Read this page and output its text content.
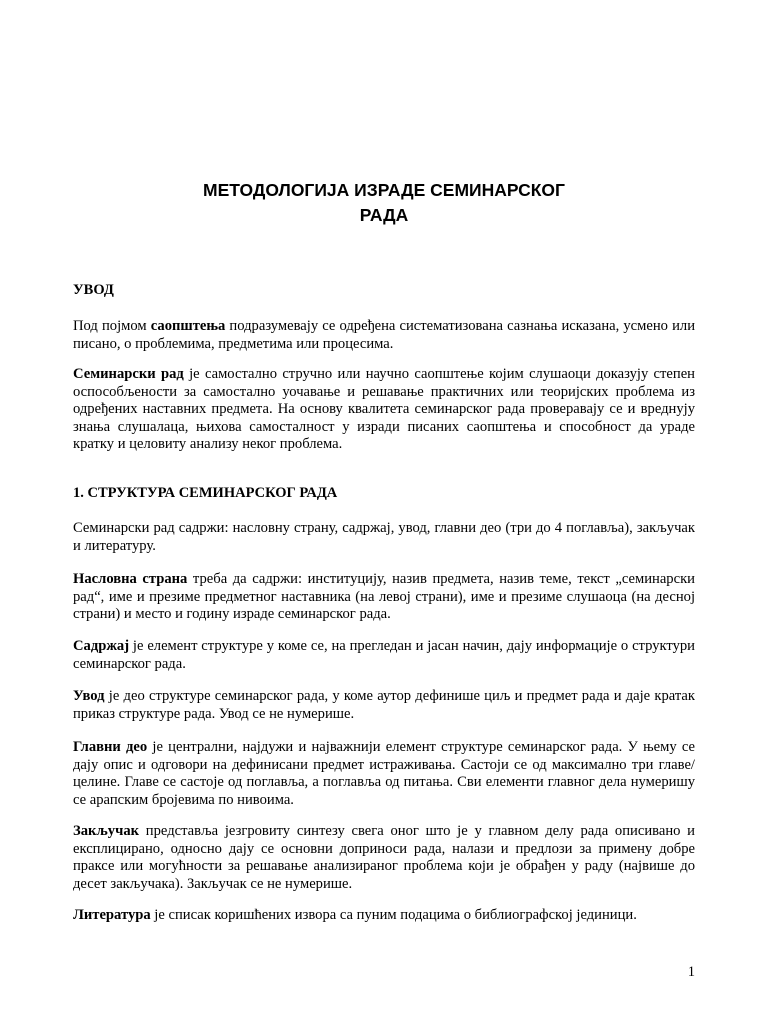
МЕТОДОЛОГИЈА ИЗРАДЕ СЕМИНАРСКОГ
РАДА
УВОД

Под појмом саопштења подразумевају се одређена систематизована сазнања исказана, усмено или писано, о проблемима, предметима или процесима.

Семинарски рад је самостално стручно или научно саопштење којим слушаоци доказују степен оспособљености за самостално уочавање и решавање практичних или теоријских проблема из одређених наставних предмета. На основу квалитета семинарског рада проверавају се и вреднују знања слушалаца, њихова самосталност у изради писаних саопштења и способност да ураде кратку и целовиту анализу неког проблема.

1. СТРУКТУРА СЕМИНАРСКОГ РАДА

Семинарски рад садржи: насловну страну, садржај, увод, главни део (три до 4 поглавља), закључак и литературу.

Насловна страна треба да садржи: институцију, назив предмета, назив теме, текст „семинарски рад“, име и презиме предметног наставника (на левој страни), име и презиме слушаоца (на десној страни) и место и годину израде семинарског рада.

Садржај је елемент структуре у коме се, на прегледан и јасан начин, дају информације о структури семинарског рада.

Увод је део структуре семинарског рада, у коме аутор дефинише циљ и предмет рада и даје кратак приказ структуре рада. Увод се не нумерише.

Главни део је централни, најдужи и најважнији елемент структуре семинарског рада. У њему се дају опис и одговори на дефинисани предмет истраживања. Састоји се од максимално три главе/целине. Главе се састоје од поглавља, а поглавља од питања. Сви елементи главног дела нумеришу се арапским бројевима по нивоима.

Закључак представља језгровиту синтезу свега оног што је у главном делу рада описивано и експлицирано, односно дају се основни доприноси рада, налази и предлози за примену добре праксе или могућности за решавање анализираног проблема који је обрађен у раду (највише до десет закључака). Закључак се не нумерише.

Литература је списак коришћених извора са пуним подацима о библиографској јединици.

1
